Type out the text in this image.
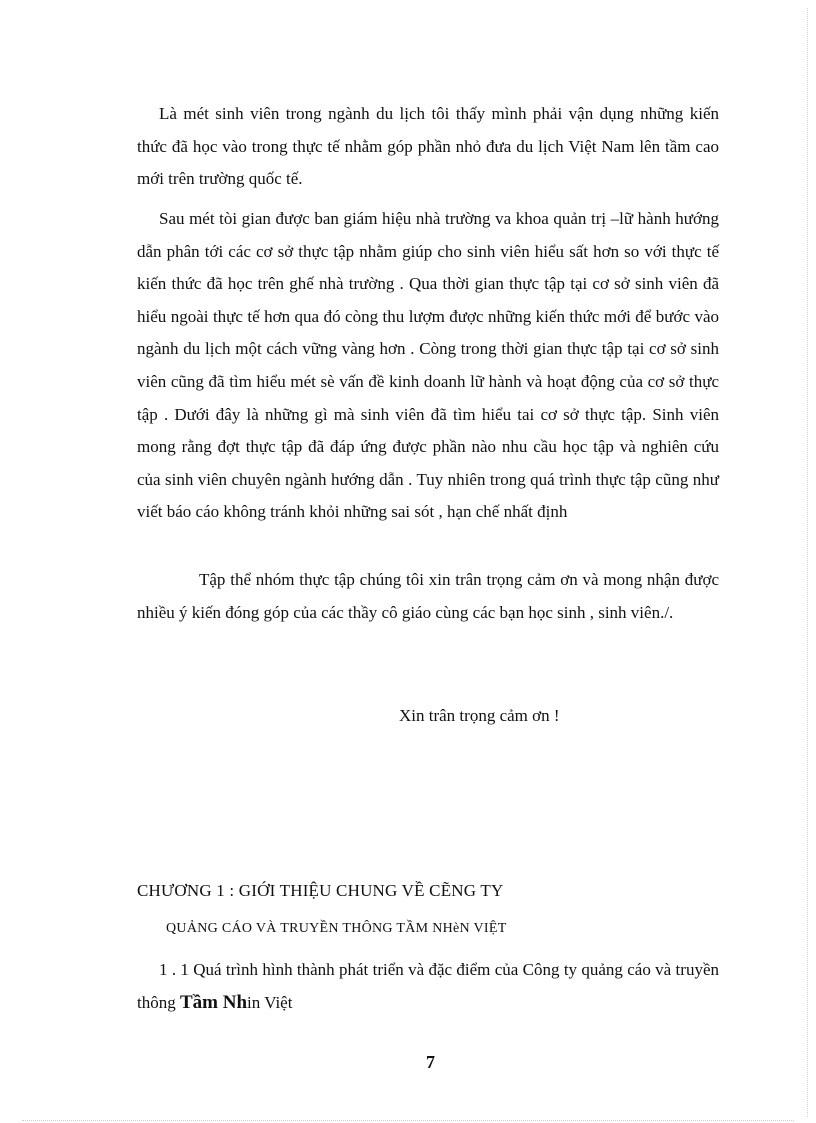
Là mét sinh viên trong ngành du lịch tôi thấy mình phải vận dụng những kiến thức đã học vào trong thực tế nhằm góp phần nhỏ đưa du lịch Việt Nam lên tầm cao mới trên trường quốc tế.

Sau mét tòi gian được ban giám hiệu nhà trường va khoa quản trị –lữ hành hướng dẫn phân tới các cơ sở thực tập nhằm giúp cho sinh viên hiểu sất hơn so với thực tế kiến thức đã học trên ghế nhà trường . Qua thời gian thực tập tại cơ sở sinh viên đã hiểu ngoài thực tế hơn qua đó còng thu lượm được những kiến thức mới để bước vào ngành du lịch một cách vững vàng hơn . Còng trong thời gian thực tập tại cơ sở sinh viên cũng đã tìm hiểu mét sè vấn đề kinh doanh lữ hành và hoạt động của cơ sở thực tập . Dưới đây là những gì mà sinh viên đã tìm hiểu tai cơ sở thực tập. Sinh viên mong rằng đợt thực tập đã đáp ứng được phần nào nhu cầu học tập và nghiên cứu của sinh viên chuyên ngành hướng dẫn . Tuy nhiên trong quá trình thực tập cũng như viết báo cáo không tránh khỏi những sai sót , hạn chế nhất định

Tập thể nhóm thực tập chúng tôi xin trân trọng cảm ơn và mong nhận được nhiều ý kiến đóng góp của các thầy cô giáo cùng các bạn học sinh , sinh viên./.

Xin trân trọng cảm ơn !
CHƯƠNG 1 : GIỚI THIỆU CHUNG VỀ CẼNG TY
QUẢNG CÁO VÀ TRUYỀN THÔNG TẦM NHèN VIỆT

1 . 1 Quá trình hình thành phát triển và đặc điểm của Công ty quảng cáo và truyền thông Tầm Nhin Việt

7
